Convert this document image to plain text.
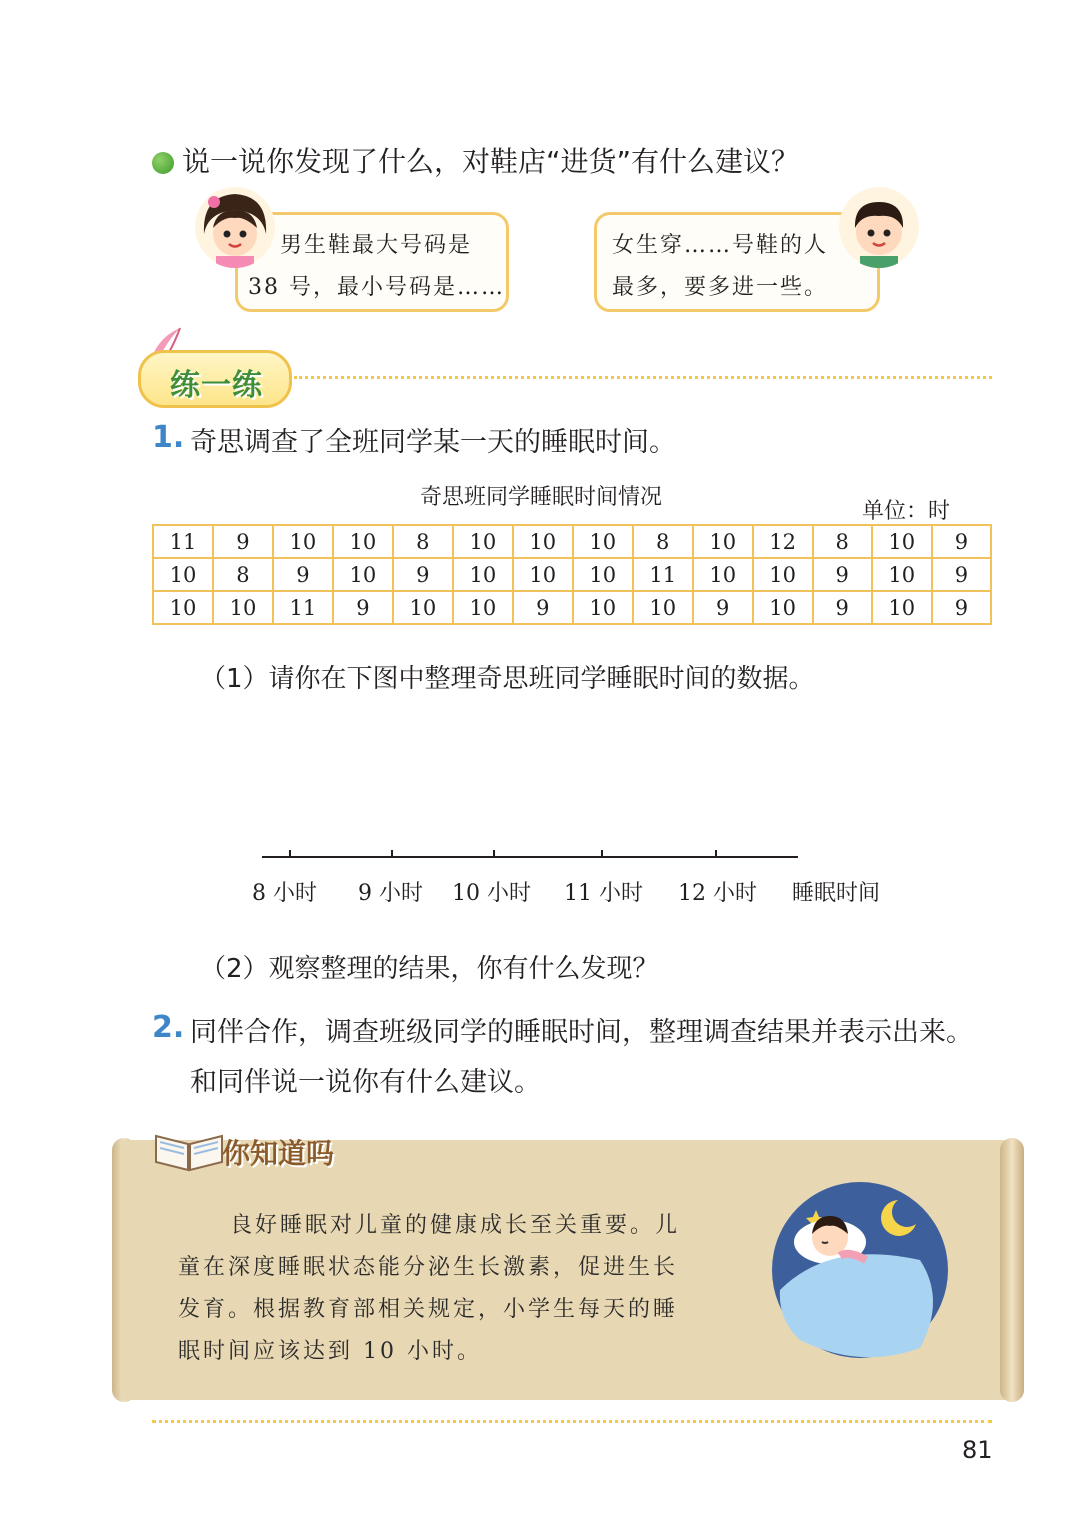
说一说你发现了什么，对鞋店“进货”有什么建议？
男生鞋最大号码是
38 号，最小号码是……
女生穿……号鞋的人
最多，要多进一些。
练一练
1. 奇思调查了全班同学某一天的睡眠时间。
奇思班同学睡眠时间情况
单位：时
11	9	10	10	8	10	10	10	8	10	12	8	10	9
10	8	9	10	9	10	10	10	11	10	10	9	10	9
10	10	11	9	10	10	9	10	10	9	10	9	10	9
（1）请你在下图中整理奇思班同学睡眠时间的数据。
8 小时 9 小时 10 小时 11 小时 12 小时 睡眠时间
（2）观察整理的结果，你有什么发现？
2. 同伴合作，调查班级同学的睡眠时间，整理调查结果并表示出来。
和同伴说一说你有什么建议。
你知道吗
良好睡眠对儿童的健康成长至关重要。儿
童在深度睡眠状态能分泌生长激素，促进生长
发育。根据教育部相关规定，小学生每天的睡
眠时间应该达到 10 小时。
81
